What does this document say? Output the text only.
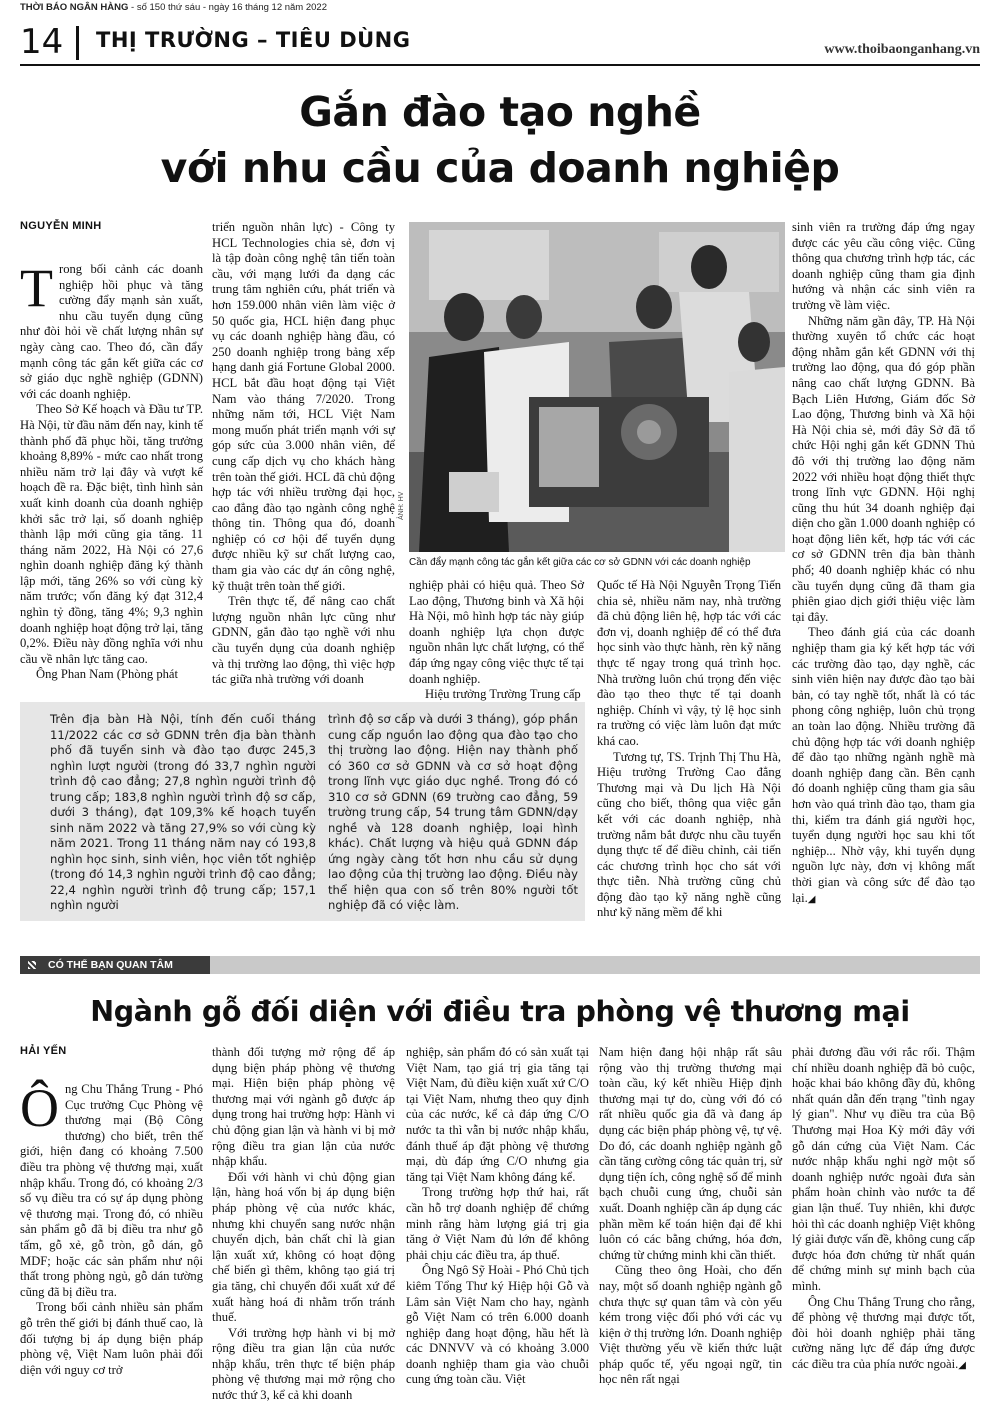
THỜI BÁO NGÂN HÀNG - số 150 thứ sáu - ngày 16 tháng 12 năm 2022
14 THỊ TRƯỜNG – TIÊU DÙNG	www.thoibaonganhang.vn
Gắn đào tạo nghề
với nhu cầu của doanh nghiệp
NGUYỄN MINH

Trong bối cảnh các doanh nghiệp hồi phục và tăng cường đẩy mạnh sản xuất, nhu cầu tuyển dụng cũng như đòi hỏi về chất lượng nhân sự ngày càng cao. Theo đó, cần đẩy mạnh công tác gắn kết giữa các cơ sở giáo dục nghề nghiệp (GDNN) với các doanh nghiệp.

Theo Sở Kế hoạch và Đầu tư TP. Hà Nội, từ đầu năm đến nay, kinh tế thành phố đã phục hồi, tăng trưởng khoảng 8,89% - mức cao nhất trong nhiều năm trở lại đây và vượt kế hoạch đề ra. Đặc biệt, tình hình sản xuất kinh doanh của doanh nghiệp khởi sắc trở lại, số doanh nghiệp thành lập mới cũng gia tăng. 11 tháng năm 2022, Hà Nội có 27,6 nghìn doanh nghiệp đăng ký thành lập mới, tăng 26% so với cùng kỳ năm trước; vốn đăng ký đạt 312,4 nghìn tỷ đồng, tăng 4%; 9,3 nghìn doanh nghiệp hoạt động trở lại, tăng 0,2%. Điều này đồng nghĩa với nhu cầu về nhân lực tăng cao.

Ông Phan Nam (Phòng phát

triển nguồn nhân lực) - Công ty HCL Technologies chia sẻ, đơn vị là tập đoàn công nghệ tân tiến toàn cầu, với mạng lưới đa dạng các trung tâm nghiên cứu, phát triển và hơn 159.000 nhân viên làm việc ở 50 quốc gia, HCL hiện đang phục vụ các doanh nghiệp hàng đầu, có 250 doanh nghiệp trong bảng xếp hạng danh giá Fortune Global 2000. HCL bắt đầu hoạt động tại Việt Nam vào tháng 7/2020. Trong những năm tới, HCL Việt Nam mong muốn phát triển mạnh với sự góp sức của 3.000 nhân viên, để cung cấp dịch vụ cho khách hàng trên toàn thế giới. HCL đã chủ động hợp tác với nhiều trường đại học, cao đẳng đào tạo ngành công nghệ thông tin. Thông qua đó, doanh nghiệp có cơ hội để tuyển dụng được nhiều kỹ sư chất lượng cao, tham gia vào các dự án công nghệ, kỹ thuật trên toàn thế giới.

Trên thực tế, để nâng cao chất lượng nguồn nhân lực cũng như GDNN, gắn đào tạo nghề với nhu cầu tuyển dụng của doanh nghiệp và thị trường lao động, thì việc hợp tác giữa nhà trường với doanh

ẢNH: HV
Cần đẩy mạnh công tác gắn kết giữa các cơ sở GDNN với các doanh nghiệp

nghiệp phải có hiệu quả. Theo Sở Lao động, Thương binh và Xã hội Hà Nội, mô hình hợp tác này giúp doanh nghiệp lựa chọn được nguồn nhân lực chất lượng, có thể đáp ứng ngay công việc thực tế tại doanh nghiệp.

Hiệu trưởng Trường Trung cấp

Quốc tế Hà Nội Nguyễn Trọng Tiến chia sẻ, nhiều năm nay, nhà trường đã chủ động liên hệ, hợp tác với các đơn vị, doanh nghiệp để có thể đưa học sinh vào thực hành, rèn kỹ năng thực tế ngay trong quá trình học. Nhà trường luôn chú trọng đến việc đào tạo theo thực tế tại doanh nghiệp. Chính vì vậy, tỷ lệ học sinh ra trường có việc làm luôn đạt mức khá cao.

Tương tự, TS. Trịnh Thị Thu Hà, Hiệu trưởng Trường Cao đẳng Thương mại và Du lịch Hà Nội cũng cho biết, thông qua việc gắn kết với các doanh nghiệp, nhà trường nắm bắt được nhu cầu tuyển dụng thực tế để điều chỉnh, cải tiến các chương trình học cho sát với thực tiễn. Nhà trường cũng chủ động đào tạo kỹ năng nghề cũng như kỹ năng mềm để khi

sinh viên ra trường đáp ứng ngay được các yêu cầu công việc. Cũng thông qua chương trình hợp tác, các doanh nghiệp cũng tham gia định hướng và nhận các sinh viên ra trường về làm việc.

Những năm gần đây, TP. Hà Nội thường xuyên tổ chức các hoạt động nhằm gắn kết GDNN với thị trường lao động, qua đó góp phần nâng cao chất lượng GDNN. Bà Bạch Liên Hương, Giám đốc Sở Lao động, Thương binh và Xã hội Hà Nội chia sẻ, mới đây Sở đã tổ chức Hội nghị gắn kết GDNN Thủ đô với thị trường lao động năm 2022 với nhiều hoạt động thiết thực trong lĩnh vực GDNN. Hội nghị cũng thu hút 34 doanh nghiệp đại diện cho gần 1.000 doanh nghiệp có hoạt động liên kết, hợp tác với các cơ sở GDNN trên địa bàn thành phố; 40 doanh nghiệp khác có nhu cầu tuyển dụng cũng đã tham gia phiên giao dịch giới thiệu việc làm tại đây.

Theo đánh giá của các doanh nghiệp tham gia ký kết hợp tác với các trường đào tạo, dạy nghề, các sinh viên hiện nay được đào tạo bài bản, có tay nghề tốt, nhất là có tác phong công nghiệp, luôn chủ trọng an toàn lao động. Nhiều trường đã chủ động hợp tác với doanh nghiệp để đào tạo những ngành nghề mà doanh nghiệp đang cần. Bên cạnh đó doanh nghiệp cũng tham gia sâu hơn vào quá trình đào tạo, tham gia thi, kiểm tra đánh giá người học, tuyển dụng người học sau khi tốt nghiệp... Nhờ vậy, khi tuyển dụng nguồn lực này, đơn vị không mất thời gian và công sức để đào tạo lại.◢

Trên địa bàn Hà Nội, tính đến cuối tháng 11/2022 các cơ sở GDNN trên địa bàn thành phố đã tuyển sinh và đào tạo được 245,3 nghìn lượt người (trong đó 33,7 nghìn người trình độ cao đẳng; 27,8 nghìn người trình độ trung cấp; 183,8 nghìn người trình độ sơ cấp, dưới 3 tháng), đạt 109,3% kế hoạch tuyển sinh năm 2022 và tăng 27,9% so với cùng kỳ năm 2021. Trong 11 tháng năm nay có 193,8 nghìn học sinh, sinh viên, học viên tốt nghiệp (trong đó 14,3 nghìn người trình độ cao đẳng; 22,4 nghìn người trình độ trung cấp; 157,1 nghìn người
trình độ sơ cấp và dưới 3 tháng), góp phần cung cấp nguồn lao động qua đào tạo cho thị trường lao động. Hiện nay thành phố có 360 cơ sở GDNN và cơ sở hoạt động trong lĩnh vực giáo dục nghề. Trong đó có 310 cơ sở GDNN (69 trường cao đẳng, 59 trường trung cấp, 54 trung tâm GDNN/dạy nghề và 128 doanh nghiệp, loại hình khác). Chất lượng và hiệu quả GDNN đáp ứng ngày càng tốt hơn nhu cầu sử dụng lao động của thị trường lao động. Điều này thể hiện qua con số trên 80% người tốt nghiệp đã có việc làm.
CÓ THỂ BẠN QUAN TÂM
Ngành gỗ đối diện với điều tra phòng vệ thương mại
HẢI YẾN

Ông Chu Thắng Trung - Phó Cục trưởng Cục Phòng vệ thương mại (Bộ Công thương) cho biết, trên thế giới, hiện đang có khoảng 7.500 điều tra phòng vệ thương mại, xuất nhập khẩu. Trong đó, có khoảng 2/3 số vụ điều tra có sự áp dụng phòng vệ thương mại. Trong đó, có nhiều sản phẩm gỗ đã bị điều tra như gỗ tấm, gỗ xẻ, gỗ tròn, gỗ dán, gỗ MDF; hoặc các sản phẩm như nội thất trong phòng ngủ, gỗ dán tường cũng đã bị điều tra.

Trong bối cảnh nhiều sản phẩm gỗ trên thế giới bị đánh thuế cao, là đối tượng bị áp dụng biện pháp phòng vệ, Việt Nam luôn phải đối diện với nguy cơ trở

thành đối tượng mở rộng để áp dụng biện pháp phòng vệ thương mại. Hiện biện pháp phòng vệ thương mại với ngành gỗ được áp dụng trong hai trường hợp: Hành vi chủ động gian lận và hành vi bị mở rộng điều tra gian lận của nước nhập khẩu.

Đối với hành vi chủ động gian lận, hàng hoá vốn bị áp dụng biện pháp phòng vệ của nước khác, nhưng khi chuyển sang nước nhận chuyển dịch, bản chất chỉ là gian lận xuất xứ, không có hoạt động chế biến gì thêm, không tạo giá trị gia tăng, chỉ chuyển đổi xuất xứ để xuất hàng hoá đi nhằm trốn tránh thuế.

Với trường hợp hành vi bị mở rộng điều tra gian lận của nước nhập khẩu, trên thực tế biện pháp phòng vệ thương mại mở rộng cho nước thứ 3, kể cả khi doanh

nghiệp, sản phẩm đó có sản xuất tại Việt Nam, tạo giá trị gia tăng tại Việt Nam, đủ điều kiện xuất xứ C/O tại Việt Nam, nhưng theo quy định của các nước, kể cả đáp ứng C/O nước ta thì vẫn bị nước nhập khẩu, đánh thuế áp đặt phòng vệ thương mại, dù đáp ứng C/O nhưng gia tăng tại Việt Nam không đáng kể.

Trong trường hợp thứ hai, rất cần hỗ trợ doanh nghiệp để chứng minh rằng hàm lượng giá trị gia tăng ở Việt Nam đủ lớn để không phải chịu các điều tra, áp thuế.

Ông Ngô Sỹ Hoài - Phó Chủ tịch kiêm Tổng Thư ký Hiệp hội Gỗ và Lâm sản Việt Nam cho hay, ngành gỗ Việt Nam có trên 6.000 doanh nghiệp đang hoạt động, hầu hết là các DNNVV và có khoảng 3.000 doanh nghiệp tham gia vào chuỗi cung ứng toàn cầu. Việt

Nam hiện đang hội nhập rất sâu rộng vào thị trường thương mại toàn cầu, ký kết nhiều Hiệp định thương mại tự do, cùng với đó có rất nhiều quốc gia đã và đang áp dụng các biện pháp phòng vệ, tự vệ. Do đó, các doanh nghiệp ngành gỗ cần tăng cường công tác quản trị, sử dụng tiện ích, công nghệ số để minh bạch chuỗi cung ứng, chuỗi sản xuất. Doanh nghiệp cần áp dụng các phần mềm kế toán hiện đại để khi luôn có các bằng chứng, hóa đơn, chứng từ chứng minh khi cần thiết.

Cũng theo ông Hoài, cho đến nay, một số doanh nghiệp ngành gỗ chưa thực sự quan tâm và còn yếu kém trong việc đối phó với các vụ kiện ở thị trường lớn. Doanh nghiệp Việt thường yếu về kiến thức luật pháp quốc tế, yếu ngoại ngữ, tin học nên rất ngại

phải đương đầu với rắc rối. Thậm chí nhiều doanh nghiệp đã bỏ cuộc, hoặc khai báo không đầy đủ, không nhất quán dẫn đến trạng "tình ngay lý gian". Như vụ điều tra của Bộ Thương mại Hoa Kỳ mới đây với gỗ dán cứng của Việt Nam. Các nước nhập khẩu nghi ngờ một số doanh nghiệp nước ngoài đưa sản phẩm hoàn chỉnh vào nước ta để gian lận thuế. Tuy nhiên, khi được hỏi thì các doanh nghiệp Việt không lý giải được vấn đề, không cung cấp được hóa đơn chứng từ nhất quán để chứng minh sự minh bạch của mình.

Ông Chu Thắng Trung cho rằng, để phòng vệ thương mại được tốt, đòi hỏi doanh nghiệp phải tăng cường năng lực để đáp ứng được các điều tra của phía nước ngoài.◢
